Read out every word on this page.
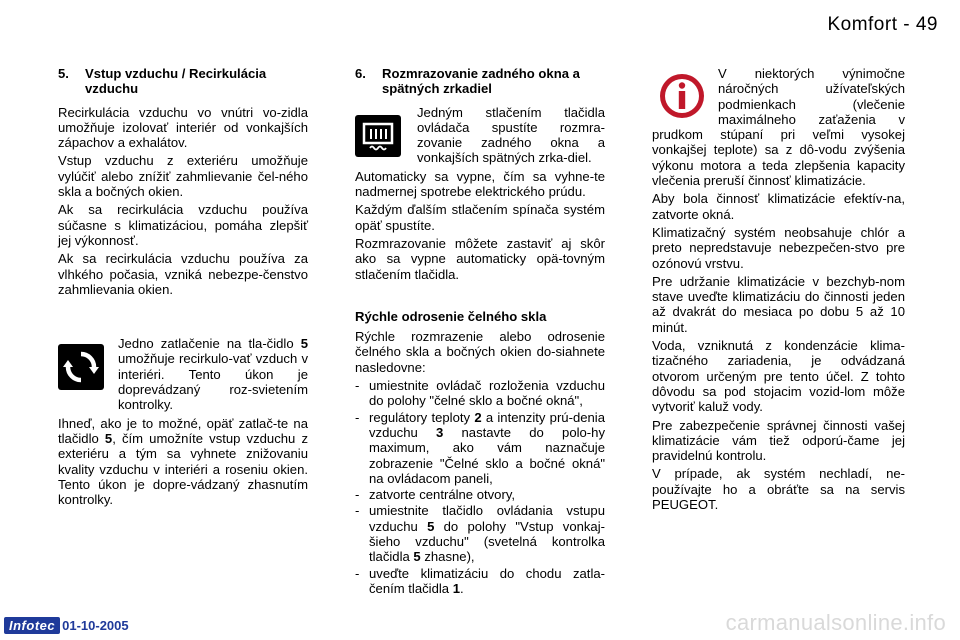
Komfort - 49
5.	Vstup vzduchu / Recirkulácia vzduchu

Recirkulácia vzduchu vo vnútri vo-zidla umožňuje izolovať interiér od vonkajších zápachov a exhalátov.

Vstup vzduchu z exteriéru umožňuje vylúčiť alebo znížiť zahmlievanie čel-ného skla a bočných okien.

Ak sa recirkulácia vzduchu používa súčasne s klimatizáciou, pomáha zlepšiť jej výkonnosť.

Ak sa recirkulácia vzduchu používa za vlhkého počasia, vzniká nebezpe-čenstvo zahmlievania okien.

Jedno zatlačenie na tla-čidlo 5 umožňuje recirkulo-vať vzduch v interiéri. Tento úkon je doprevádzaný roz-svietením kontrolky.

Ihneď, ako je to možné, opäť zatlač-te na tlačidlo 5, čím umožníte vstup vzduchu z exteriéru a tým sa vyhnete znižovaniu kvality vzduchu v interiéri a roseniu okien. Tento úkon je dopre-vádzaný zhasnutím kontrolky.

6.	Rozmrazovanie zadného okna a spätných zrkadiel
Jedným stlačením tlačidla ovládača spustíte rozmra-zovanie zadného okna a vonkajších spätných zrka-diel.

Automaticky sa vypne, čím sa vyhne-te nadmernej spotrebe elektrického prúdu.

Každým ďalším stlačením spínača systém opäť spustíte.

Rozmrazovanie môžete zastaviť aj skôr ako sa vypne automaticky opä-tovným stlačením tlačidla.

Rýchle odrosenie čelného skla

Rýchle rozmrazenie alebo odrosenie čelného skla a bočných okien do-siahnete nasledovne:

- umiestnite ovládač rozloženia vzduchu do polohy "čelné sklo a bočné okná",
- regulátory teploty 2 a intenzity prú-denia vzduchu 3 nastavte do polo-hy maximum, ako vám naznačuje zobrazenie "Čelné sklo a bočné okná" na ovládacom paneli,
- zatvorte centrálne otvory,
- umiestnite tlačidlo ovládania vstupu vzduchu 5 do polohy "Vstup vonkaj-šieho vzduchu" (svetelná kontrolka tlačidla 5 zhasne),
- uveďte klimatizáciu do chodu zatla-čením tlačidla 1.
V niektorých výnimočne náročných užívateľských podmienkach (vlečenie maximálneho zaťaženia v prudkom stúpaní pri veľmi vysokej vonkajšej teplote) sa z dô-vodu zvýšenia výkonu motora a teda zlepšenia kapacity vlečenia preruší činnosť klimatizácie.

Aby bola činnosť klimatizácie efektív-na, zatvorte okná.

Klimatizačný systém neobsahuje chlór a preto nepredstavuje nebezpečen-stvo pre ozónovú vrstvu.

Pre udržanie klimatizácie v bezchyb-nom stave uveďte klimatizáciu do činnosti jeden až dvakrát do mesiaca po dobu 5 až 10 minút.

Voda, vzniknutá z kondenzácie klima-tizačného zariadenia, je odvádzaná otvorom určeným pre tento účel. Z tohto dôvodu sa pod stojacim vozid-lom môže vytvoriť kaluž vody.

Pre zabezpečenie správnej činnosti vašej klimatizácie vám tiež odporú-čame jej pravidelnú kontrolu.

V prípade, ak systém nechladí, ne-používajte ho a obráťte sa na servis PEUGEOT.

Infotec 01-10-2005	carmanualsonline.info
